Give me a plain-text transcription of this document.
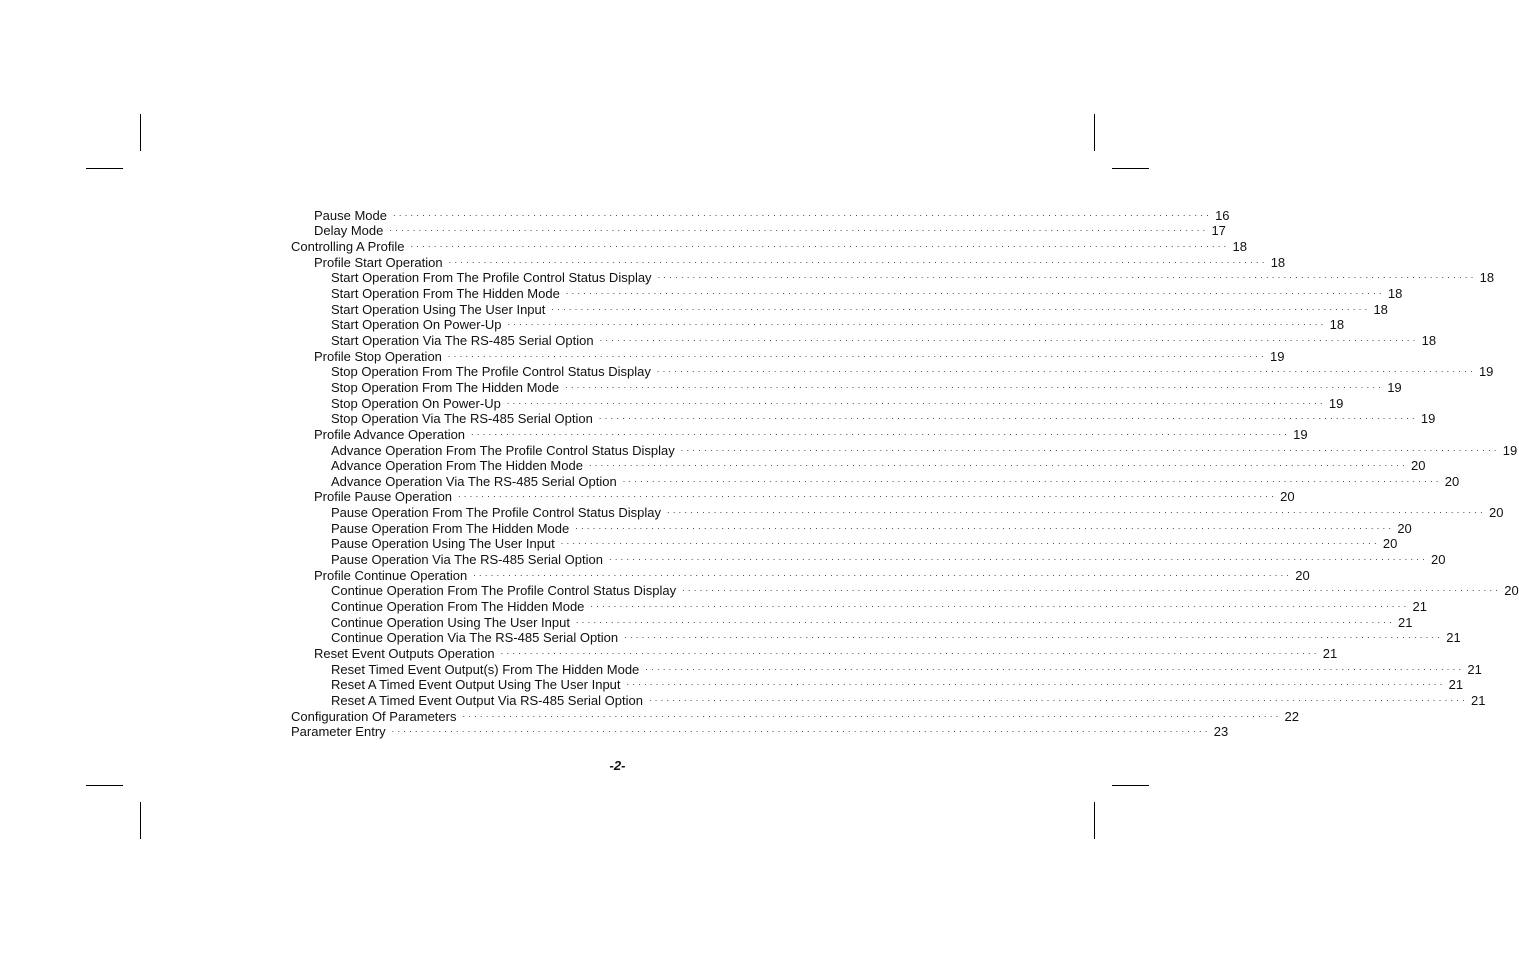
Pause Mode ............................................................................................................................................ 16
Delay Mode ............................................................................................................................................ 17
Controlling A Profile ............................................................................................................................................ 18
Profile Start Operation ............................................................................................................................................ 18
Start Operation From The Profile Control Status Display ............................................................................................................................................ 18
Start Operation From The Hidden Mode ............................................................................................................................................ 18
Start Operation Using The User Input ............................................................................................................................................ 18
Start Operation On Power-Up ............................................................................................................................................ 18
Start Operation Via The RS-485 Serial Option ............................................................................................................................................ 18
Profile Stop Operation ............................................................................................................................................ 19
Stop Operation From The Profile Control Status Display ............................................................................................................................................ 19
Stop Operation From The Hidden Mode ............................................................................................................................................ 19
Stop Operation On Power-Up ............................................................................................................................................ 19
Stop Operation Via The RS-485 Serial Option ............................................................................................................................................ 19
Profile Advance Operation ............................................................................................................................................ 19
Advance Operation From The Profile Control Status Display ............................................................................................................................................ 19
Advance Operation From The Hidden Mode ............................................................................................................................................ 20
Advance Operation Via The RS-485 Serial Option ............................................................................................................................................ 20
Profile Pause Operation ............................................................................................................................................ 20
Pause Operation From The Profile Control Status Display ............................................................................................................................................ 20
Pause Operation From The Hidden Mode ............................................................................................................................................ 20
Pause Operation Using The User Input ............................................................................................................................................ 20
Pause Operation Via The RS-485 Serial Option ............................................................................................................................................ 20
Profile Continue Operation ............................................................................................................................................ 20
Continue Operation From The Profile Control Status Display ............................................................................................................................................ 20
Continue Operation From The Hidden Mode ............................................................................................................................................ 21
Continue Operation Using The User Input ............................................................................................................................................ 21
Continue Operation Via The RS-485 Serial Option ............................................................................................................................................ 21
Reset Event Outputs Operation ............................................................................................................................................ 21
Reset Timed Event Output(s) From The Hidden Mode ............................................................................................................................................ 21
Reset A Timed Event Output Using The User Input ............................................................................................................................................ 21
Reset A Timed Event Output Via RS-485 Serial Option ............................................................................................................................................ 21
Configuration Of Parameters ............................................................................................................................................ 22
Parameter Entry ............................................................................................................................................ 23
-2-
